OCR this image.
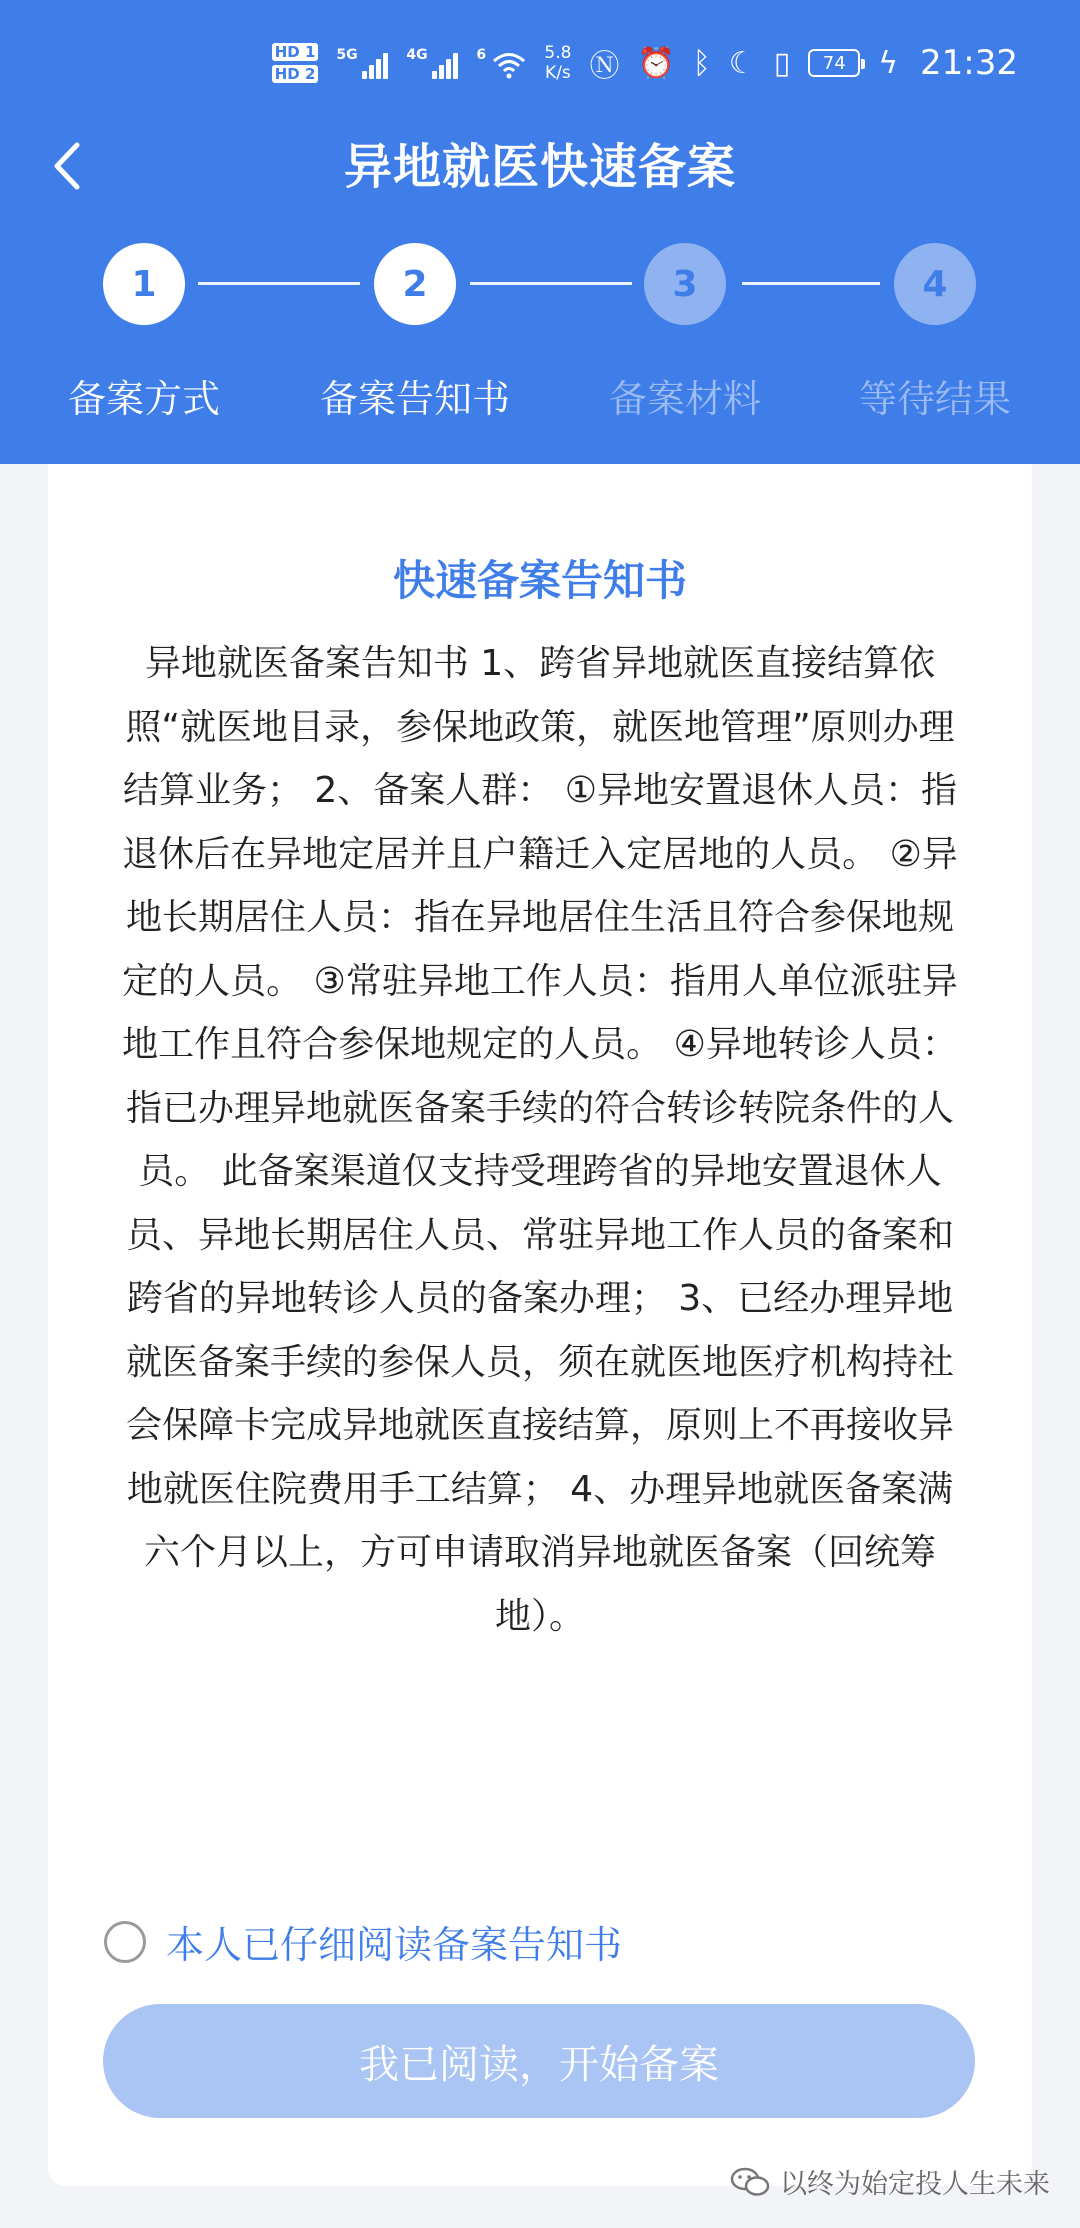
HD 1
HD 2
5G	4G	6	5.8
K/s Ⓝ ⏰ ᛒ ☾ ▯ 74 ϟ 21:32
异地就医快速备案
1	2	3	4
备案方式	备案告知书	备案材料	等待结果
快速备案告知书
异地就医备案告知书 1、跨省异地就医直接结算依照“就医地目录，参保地政策，就医地管理”原则办理结算业务； 2、备案人群： ①异地安置退休人员：指退休后在异地定居并且户籍迁入定居地的人员。 ②异地长期居住人员：指在异地居住生活且符合参保地规定的人员。 ③常驻异地工作人员：指用人单位派驻异地工作且符合参保地规定的人员。 ④异地转诊人员：指已办理异地就医备案手续的符合转诊转院条件的人员。 此备案渠道仅支持受理跨省的异地安置退休人员、异地长期居住人员、常驻异地工作人员的备案和跨省的异地转诊人员的备案办理； 3、已经办理异地就医备案手续的参保人员，须在就医地医疗机构持社会保障卡完成异地就医直接结算，原则上不再接收异地就医住院费用手工结算； 4、办理异地就医备案满六个月以上，方可申请取消异地就医备案（回统筹地）。
本人已仔细阅读备案告知书
我已阅读，开始备案
以终为始定投人生未来
